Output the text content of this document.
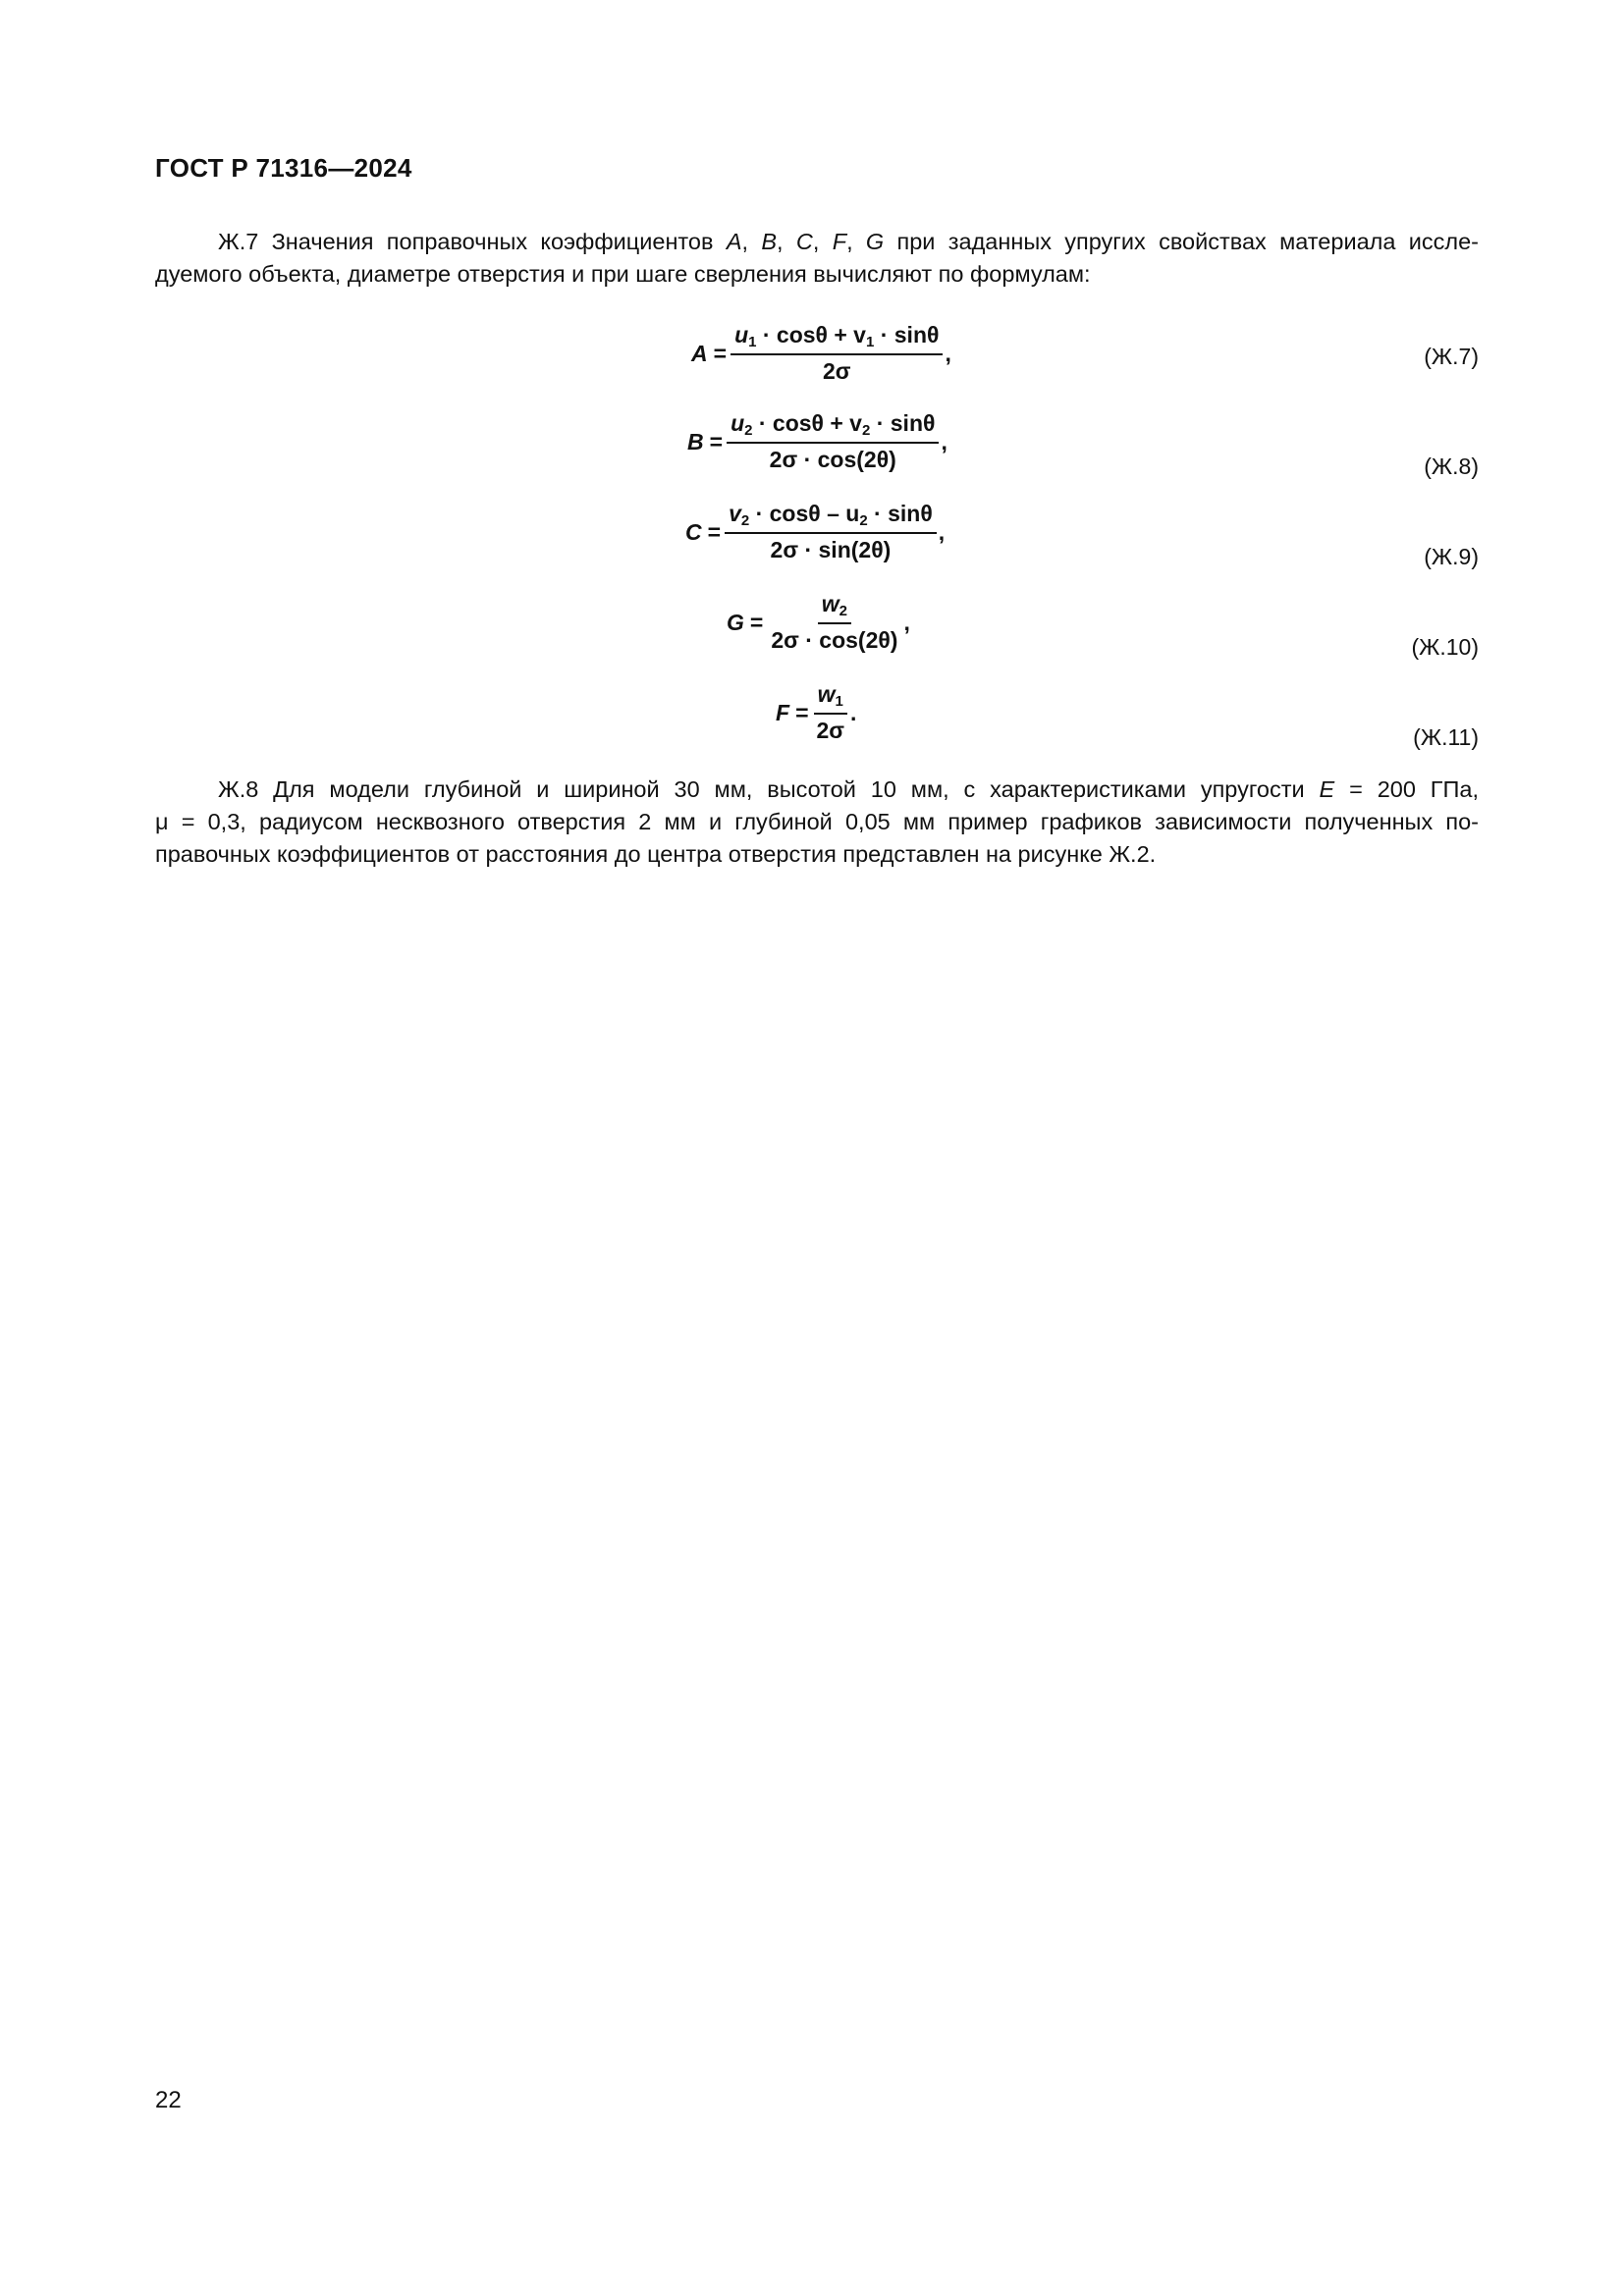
ГОСТ Р 71316—2024
Ж.7 Значения поправочных коэффициентов A, B, C, F, G при заданных упругих свойствах материала иссле-
дуемого объекта, диаметре отверстия и при шаге сверления вычисляют по формулам:
$A = \frac{u_1 \cdot \cos\theta + v_1 \cdot \sin\theta}{2\sigma}$ ,	(Ж.7)
$B = \frac{u_2 \cdot \cos\theta + v_2 \cdot \sin\theta}{2\sigma \cdot \cos(2\theta)}$ ,
(Ж.8)
$C = \frac{v_2 \cdot \cos\theta - u_2 \cdot \sin\theta}{2\sigma \cdot \sin(2\theta)}$ ,
(Ж.9)
$G = \frac{w_2}{2\sigma \cdot \cos(2\theta)}$ ,
(Ж.10)
$F = \frac{w_1}{2\sigma}$ .
(Ж.11)
Ж.8 Для модели глубиной и шириной 30 мм, высотой 10 мм, с характеристиками упругости E = 200 ГПа,
μ = 0,3, радиусом несквозного отверстия 2 мм и глубиной 0,05 мм пример графиков зависимости полученных по-
правочных коэффициентов от расстояния до центра отверстия представлен на рисунке Ж.2.
22
